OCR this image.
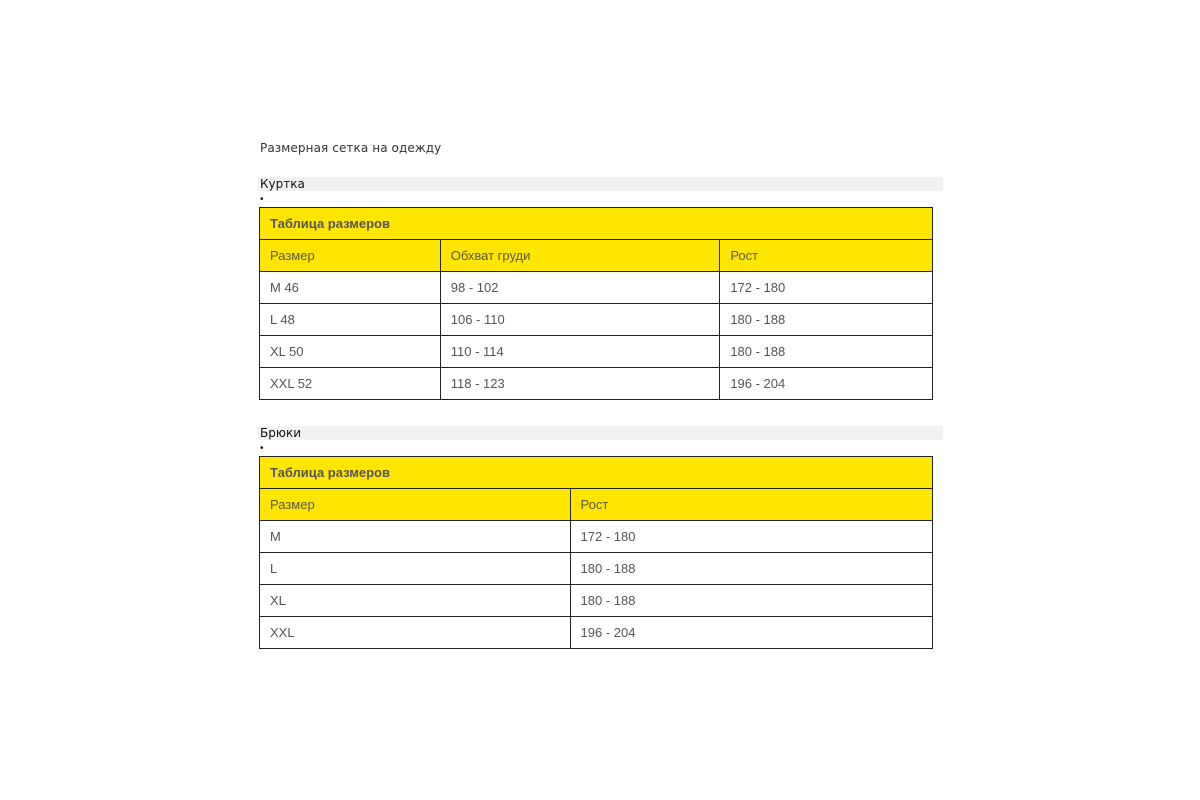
Размерная сетка на одежду
Куртка
•
Таблица размеров		
Размер	Обхват груди	Рост
M 46	98 - 102	172 - 180
L 48	106 - 110	180 - 188
XL 50	110 - 114	180 - 188
XXL 52	118 - 123	196 - 204
Брюки
•
Таблица размеров	
Размер	Рост
M	172 - 180
L	180 - 188
XL	180 - 188
XXL	196 - 204
